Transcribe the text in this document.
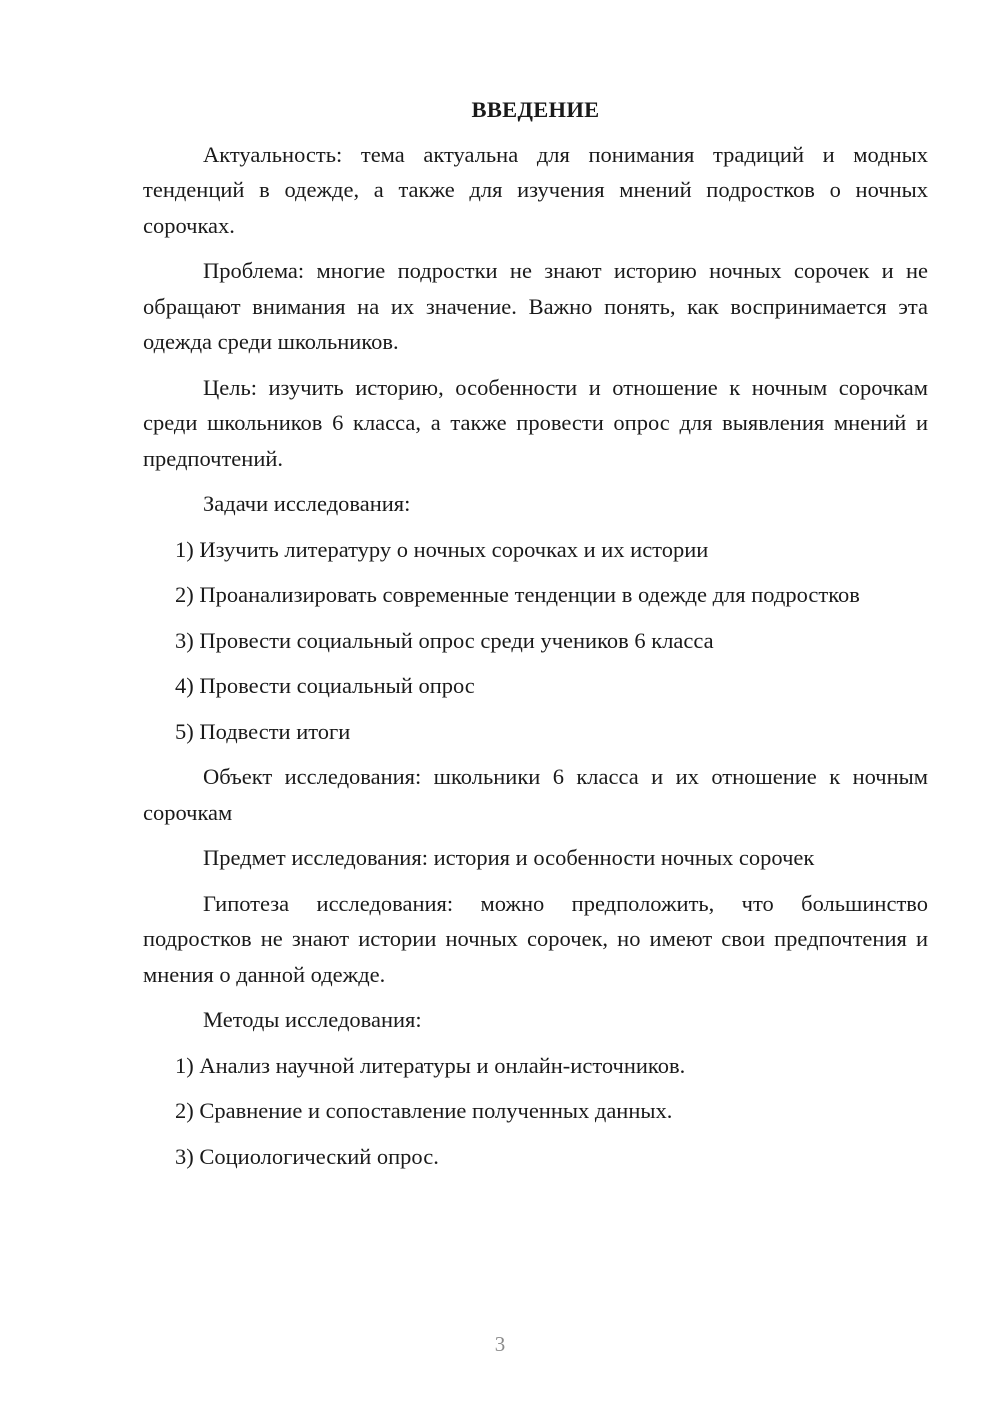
ВВЕДЕНИЕ

Актуальность: тема актуальна для понимания традиций и модных тенденций в одежде, а также для изучения мнений подростков о ночных сорочках.

Проблема: многие подростки не знают историю ночных сорочек и не обращают внимания на их значение. Важно понять, как воспринимается эта одежда среди школьников.

Цель: изучить историю, особенности и отношение к ночным сорочкам среди школьников 6 класса, а также провести опрос для выявления мнений и предпочтений.

Задачи исследования:

1) Изучить литературу о ночных сорочках и их истории

2) Проанализировать современные тенденции в одежде для подростков

3) Провести социальный опрос среди учеников 6 класса

4) Провести социальный опрос

5) Подвести итоги

Объект исследования: школьники 6 класса и их отношение к ночным сорочкам

Предмет исследования: история и особенности ночных сорочек

Гипотеза исследования: можно предположить, что большинство подростков не знают истории ночных сорочек, но имеют свои предпочтения и мнения о данной одежде.

Методы исследования:

1) Анализ научной литературы и онлайн-источников.

2) Сравнение и сопоставление полученных данных.

3) Социологический опрос.

3
